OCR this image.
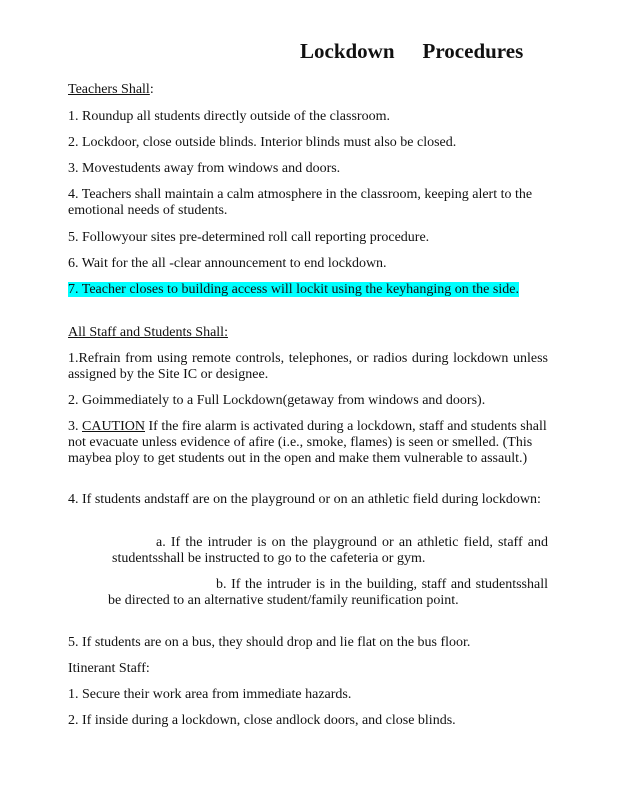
Lockdown Procedures

Teachers Shall:

1. Roundup all students directly outside of the classroom.

2. Lockdoor, close outside blinds. Interior blinds must also be closed.

3. Movestudents away from windows and doors.

4. Teachers shall maintain a calm atmosphere in the classroom, keeping alert to the emotional needs of students.

5. Followyour sites pre-determined roll call reporting procedure.

6. Wait for the all -clear announcement to end lockdown.

7. Teacher closes to building access will lockit using the keyhanging on the side.

All Staff and Students Shall:

1.Refrain from using remote controls, telephones, or radios during lockdown unless assigned by the Site IC or designee.

2. Goimmediately to a Full Lockdown(getaway from windows and doors).

3. CAUTION If the fire alarm is activated during a lockdown, staff and students shall not evacuate unless evidence of afire (i.e., smoke, flames) is seen or smelled. (This maybea ploy to get students out in the open and make them vulnerable to assault.)

4. If students andstaff are on the playground or on an athletic field during lockdown:

a. If the intruder is on the playground or an athletic field, staff and studentsshall be instructed to go to the cafeteria or gym.

b. If the intruder is in the building, staff and studentsshall be directed to an alternative student/family reunification point.

5. If students are on a bus, they should drop and lie flat on the bus floor.

Itinerant Staff:

1. Secure their work area from immediate hazards.

2. If inside during a lockdown, close andlock doors, and close blinds.
